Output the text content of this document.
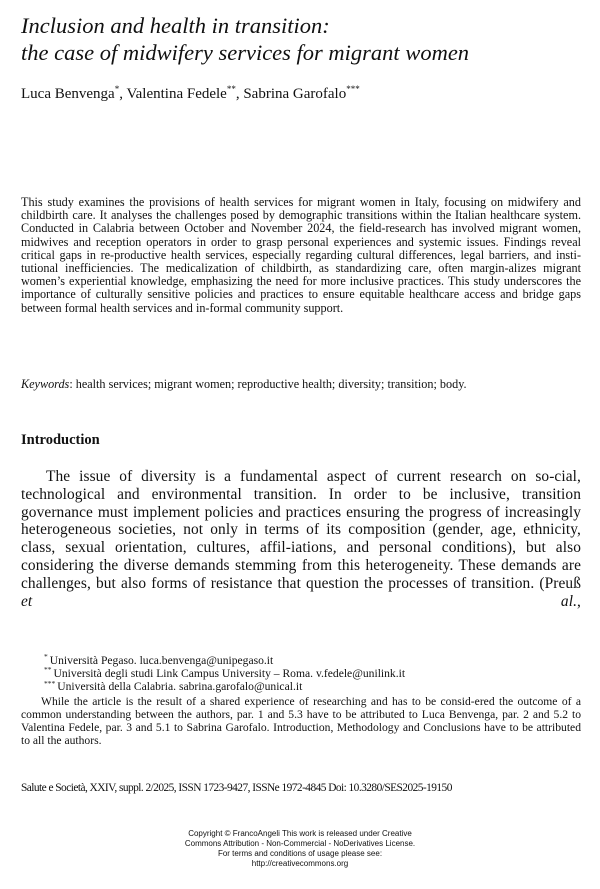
Inclusion and health in transition:
the case of midwifery services for migrant women
Luca Benvenga*, Valentina Fedele**, Sabrina Garofalo***
This study examines the provisions of health services for migrant women in Italy, focusing on midwifery and childbirth care. It analyses the challenges posed by demographic transitions within the Italian healthcare system. Conducted in Calabria between October and November 2024, the field-research has involved migrant women, midwives and reception operators in order to grasp personal experiences and systemic issues. Findings reveal critical gaps in re-productive health services, especially regarding cultural differences, legal barriers, and insti-tutional inefficiencies. The medicalization of childbirth, as standardizing care, often margin-alizes migrant women’s experiential knowledge, emphasizing the need for more inclusive practices. This study underscores the importance of culturally sensitive policies and practices to ensure equitable healthcare access and bridge gaps between formal health services and in-formal community support.
Keywords: health services; migrant women; reproductive health; diversity; transition; body.
Introduction

The issue of diversity is a fundamental aspect of current research on so-cial, technological and environmental transition. In order to be inclusive, transition governance must implement policies and practices ensuring the progress of increasingly heterogeneous societies, not only in terms of its composition (gender, age, ethnicity, class, sexual orientation, cultures, affil-iations, and personal conditions), but also considering the diverse demands stemming from this heterogeneity. These demands are challenges, but also forms of resistance that question the processes of transition. (Preuß et al.,

* Università Pegaso. luca.benvenga@unipegaso.it
** Università degli studi Link Campus University – Roma. v.fedele@unilink.it
*** Università della Calabria. sabrina.garofalo@unical.it
While the article is the result of a shared experience of researching and has to be consid-ered the outcome of a common understanding between the authors, par. 1 and 5.3 have to be attributed to Luca Benvenga, par. 2 and 5.2 to Valentina Fedele, par. 3 and 5.1 to Sabrina Garofalo. Introduction, Methodology and Conclusions have to be attributed to all the authors.
Salute e Società, XXIV, suppl. 2/2025, ISSN 1723-9427, ISSNe 1972-4845 Doi: 10.3280/SES2025-19150
Copyright © FrancoAngeli This work is released under Creative
Commons Attribution - Non-Commercial - NoDerivatives License.
For terms and conditions of usage please see:
http://creativecommons.org
